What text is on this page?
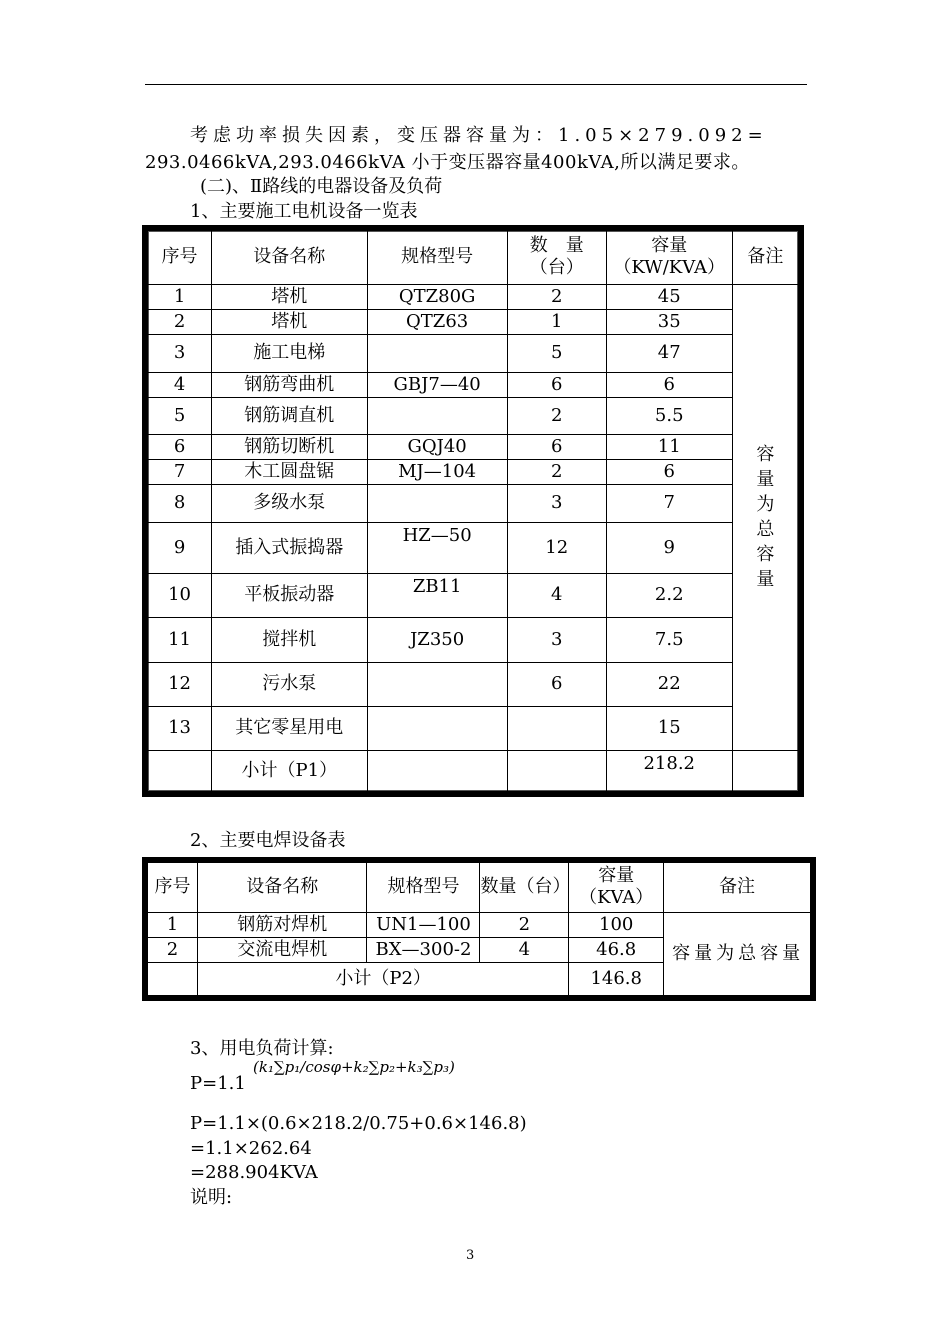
考虑功率损失因素，变压器容量为：1.05×279.092=
293.0466kVA,293.0466kVA 小于变压器容量400kVA,所以满足要求。
(二)、Ⅱ路线的电器设备及负荷
1、主要施工电机设备一览表
序号	设备名称	规格型号	数　量（台）	容量（KW/KVA）	备注
1	塔机	QTZ80G	2	45	容量为总容量

2	塔机	QTZ63	1	35	
3	施工电梯		5	47	
4	钢筋弯曲机	GBJ7—40	6	6	
5	钢筋调直机		2	5.5	
6	钢筋切断机	GQJ40	6	11	
7	木工圆盘锯	MJ—104	2	6	
8	多级水泵		3	7	
9	插入式振捣器	HZ—50	12	9	
10	平板振动器	ZB11	4	2.2	
11	搅拌机	JZ350	3	7.5	
12	污水泵		6	22	
13	其它零星用电			15	
	小计（P1）			218.2	
2、主要电焊设备表
序号	设备名称	规格型号	数量（台）	容量（KVA）	备注
1	钢筋对焊机	UN1—100	2	100	容量为总容量
2	交流电焊机	BX—300-2	4	46.8	
	小计（P2）			146.8	
3、用电负荷计算:
P=1.1
(k₁∑p₁/cosφ+k₂∑p₂+k₃∑p₃)
P=1.1×(0.6×218.2/0.75+0.6×146.8)
=1.1×262.64
=288.904KVA
说明:
3
